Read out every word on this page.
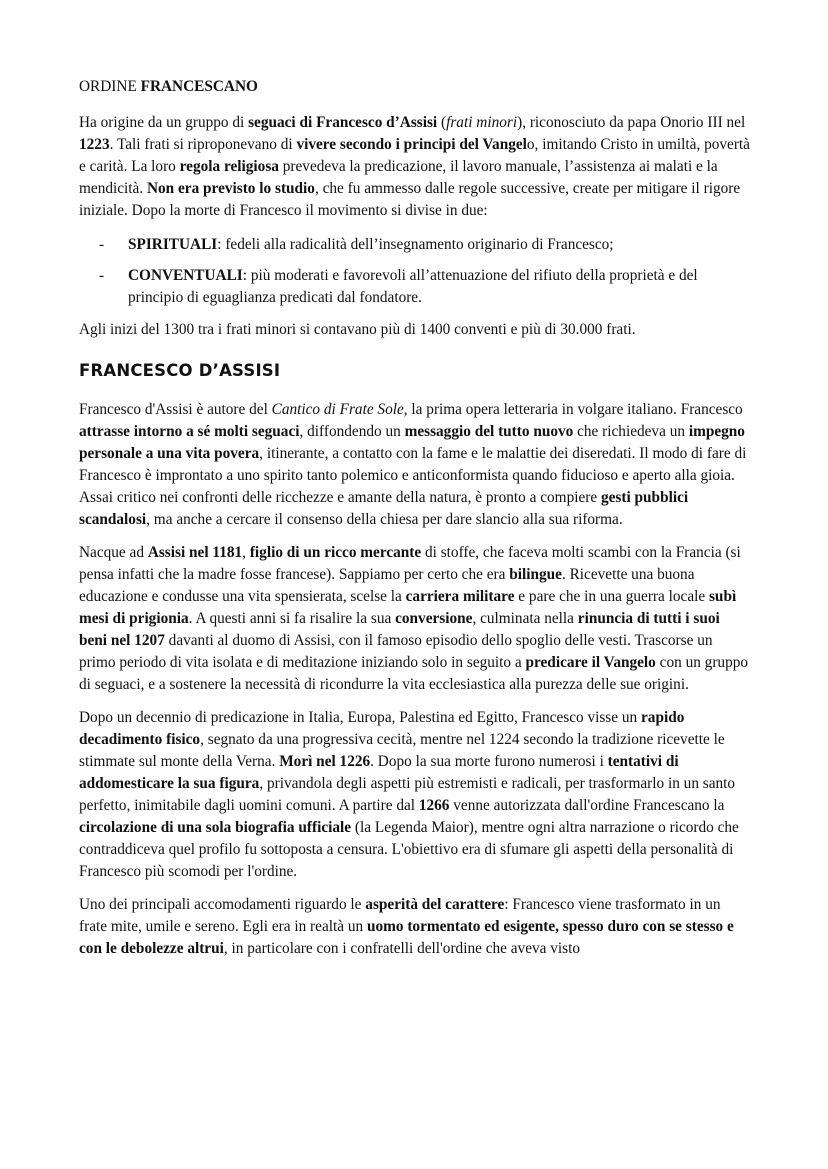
ORDINE FRANCESCANO

Ha origine da un gruppo di seguaci di Francesco d’Assisi (frati minori), riconosciuto da papa Onorio III nel 1223. Tali frati si riproponevano di vivere secondo i principi del Vangelo, imitando Cristo in umiltà, povertà e carità. La loro regola religiosa prevedeva la predicazione, il lavoro manuale, l’assistenza ai malati e la mendicità. Non era previsto lo studio, che fu ammesso dalle regole successive, create per mitigare il rigore iniziale. Dopo la morte di Francesco il movimento si divise in due:

- SPIRITUALI: fedeli alla radicalità dell’insegnamento originario di Francesco;
- CONVENTUALI: più moderati e favorevoli all’attenuazione del rifiuto della proprietà e del principio di eguaglianza predicati dal fondatore.

Agli inizi del 1300 tra i frati minori si contavano più di 1400 conventi e più di 30.000 frati.

FRANCESCO D’ASSISI

Francesco d'Assisi è autore del Cantico di Frate Sole, la prima opera letteraria in volgare italiano. Francesco attrasse intorno a sé molti seguaci, diffondendo un messaggio del tutto nuovo che richiedeva un impegno personale a una vita povera, itinerante, a contatto con la fame e le malattie dei diseredati. Il modo di fare di Francesco è improntato a uno spirito tanto polemico e anticonformista quando fiducioso e aperto alla gioia. Assai critico nei confronti delle ricchezze e amante della natura, è pronto a compiere gesti pubblici scandalosi, ma anche a cercare il consenso della chiesa per dare slancio alla sua riforma.

Nacque ad Assisi nel 1181, figlio di un ricco mercante di stoffe, che faceva molti scambi con la Francia (si pensa infatti che la madre fosse francese). Sappiamo per certo che era bilingue. Ricevette una buona educazione e condusse una vita spensierata, scelse la carriera militare e pare che in una guerra locale subì mesi di prigionia. A questi anni si fa risalire la sua conversione, culminata nella rinuncia di tutti i suoi beni nel 1207 davanti al duomo di Assisi, con il famoso episodio dello spoglio delle vesti. Trascorse un primo periodo di vita isolata e di meditazione iniziando solo in seguito a predicare il Vangelo con un gruppo di seguaci, e a sostenere la necessità di ricondurre la vita ecclesiastica alla purezza delle sue origini.

Dopo un decennio di predicazione in Italia, Europa, Palestina ed Egitto, Francesco visse un rapido decadimento fisico, segnato da una progressiva cecità, mentre nel 1224 secondo la tradizione ricevette le stimmate sul monte della Verna. Morì nel 1226. Dopo la sua morte furono numerosi i tentativi di addomesticare la sua figura, privandola degli aspetti più estremisti e radicali, per trasformarlo in un santo perfetto, inimitabile dagli uomini comuni. A partire dal 1266 venne autorizzata dall'ordine Francescano la circolazione di una sola biografia ufficiale (la Legenda Maior), mentre ogni altra narrazione o ricordo che contraddiceva quel profilo fu sottoposta a censura. L'obiettivo era di sfumare gli aspetti della personalità di Francesco più scomodi per l'ordine.

Uno dei principali accomodamenti riguardo le asperità del carattere: Francesco viene trasformato in un frate mite, umile e sereno. Egli era in realtà un uomo tormentato ed esigente, spesso duro con se stesso e con le debolezze altrui, in particolare con i confratelli dell'ordine che aveva visto
